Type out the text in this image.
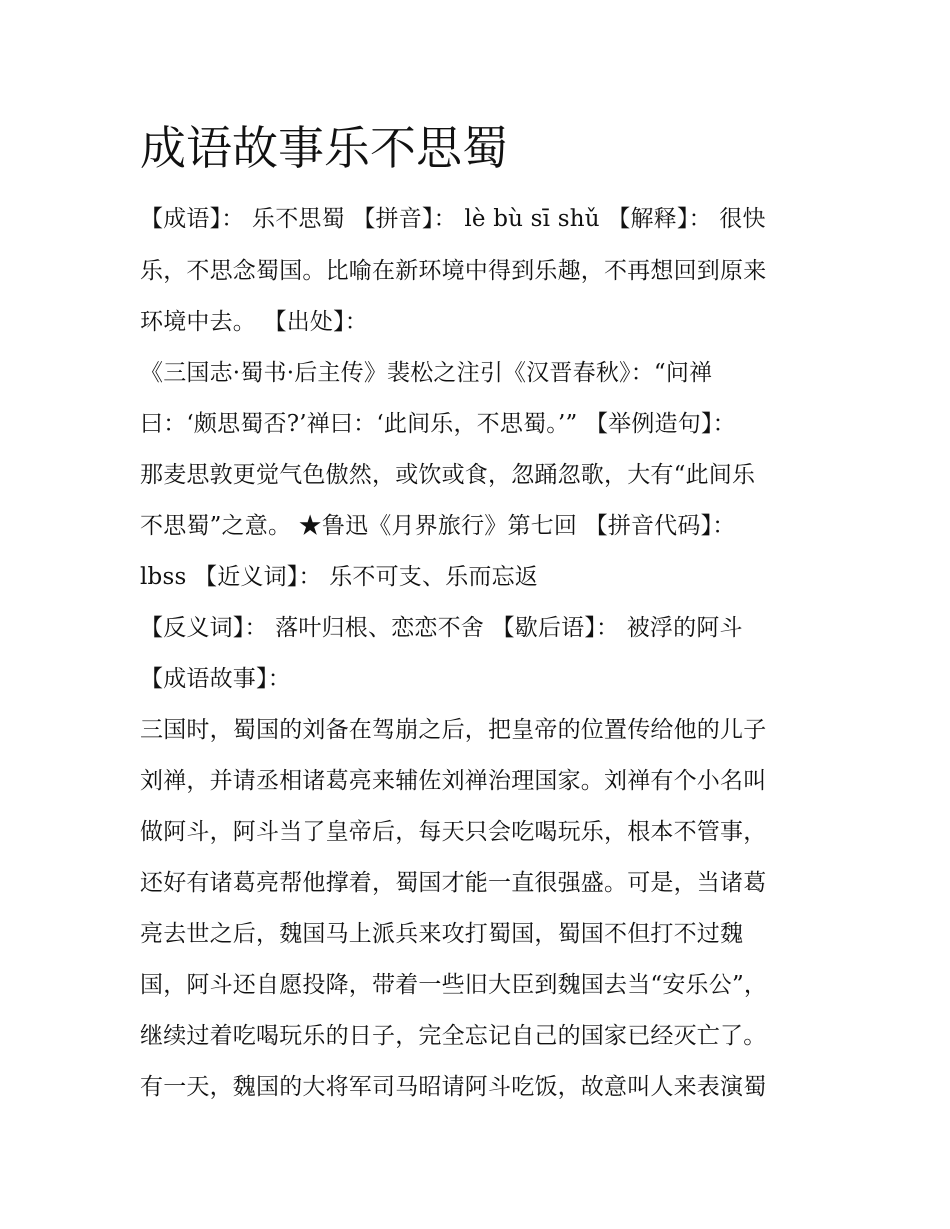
成语故事乐不思蜀
【成语】： 乐不思蜀 【拼音】： lè bù sī shǔ 【解释】： 很快
乐，不思念蜀国。比喻在新环境中得到乐趣，不再想回到原来
环境中去。 【出处】：
《三国志·蜀书·后主传》裴松之注引《汉晋春秋》：“问禅
曰：‘颇思蜀否?’禅曰：‘此间乐，不思蜀。’” 【举例造句】：
那麦思敦更觉气色傲然，或饮或食，忽踊忽歌，大有“此间乐
不思蜀”之意。 ★鲁迅《月界旅行》第七回 【拼音代码】：
lbss 【近义词】： 乐不可支、乐而忘返
【反义词】： 落叶归根、恋恋不舍 【歇后语】： 被浮的阿斗
【成语故事】：
三国时，蜀国的刘备在驾崩之后，把皇帝的位置传给他的儿子
刘禅，并请丞相诸葛亮来辅佐刘禅治理国家。刘禅有个小名叫
做阿斗，阿斗当了皇帝后，每天只会吃喝玩乐，根本不管事，
还好有诸葛亮帮他撑着，蜀国才能一直很强盛。可是，当诸葛
亮去世之后，魏国马上派兵来攻打蜀国，蜀国不但打不过魏
国，阿斗还自愿投降，带着一些旧大臣到魏国去当“安乐公”，
继续过着吃喝玩乐的日子，完全忘记自己的国家已经灭亡了。
有一天，魏国的大将军司马昭请阿斗吃饭，故意叫人来表演蜀
